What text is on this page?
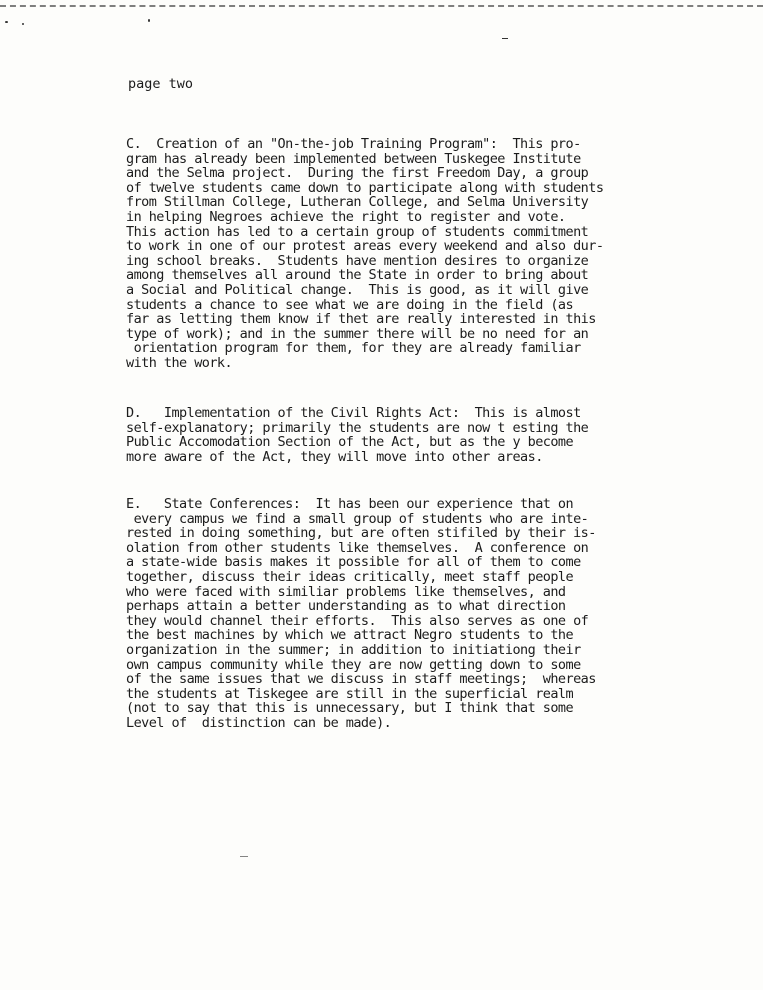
page two
C.  Creation of an "On-the-job Training Program":  This pro-
gram has already been implemented between Tuskegee Institute
and the Selma project.  During the first Freedom Day, a group
of twelve students came down to participate along with students
from Stillman College, Lutheran College, and Selma University
in helping Negroes achieve the right to register and vote.
This action has led to a certain group of students commitment
to work in one of our protest areas every weekend and also dur-
ing school breaks.  Students have mention desires to organize
among themselves all around the State in order to bring about
a Social and Political change.  This is good, as it will give
students a chance to see what we are doing in the field (as
far as letting them know if thet are really interested in this
type of work); and in the summer there will be no need for an
orientation program for them, for they are already familiar
with the work.
D.   Implementation of the Civil Rights Act:  This is almost
self-explanatory; primarily the students are now t esting the
Public Accomodation Section of the Act, but as the y become
more aware of the Act, they will move into other areas.
E.   State Conferences:  It has been our experience that on
every campus we find a small group of students who are inte-
rested in doing something, but are often stifiled by their is-
olation from other students like themselves.  A conference on
a state-wide basis makes it possible for all of them to come
together, discuss their ideas critically, meet staff people
who were faced with similiar problems like themselves, and
perhaps attain a better understanding as to what direction
they would channel their efforts.  This also serves as one of
the best machines by which we attract Negro students to the
organization in the summer; in addition to initiationg their
own campus community while they are now getting down to some
of the same issues that we discuss in staff meetings;  whereas
the students at Tiskegee are still in the superficial realm
(not to say that this is unnecessary, but I think that some
Level of  distinction can be made).
